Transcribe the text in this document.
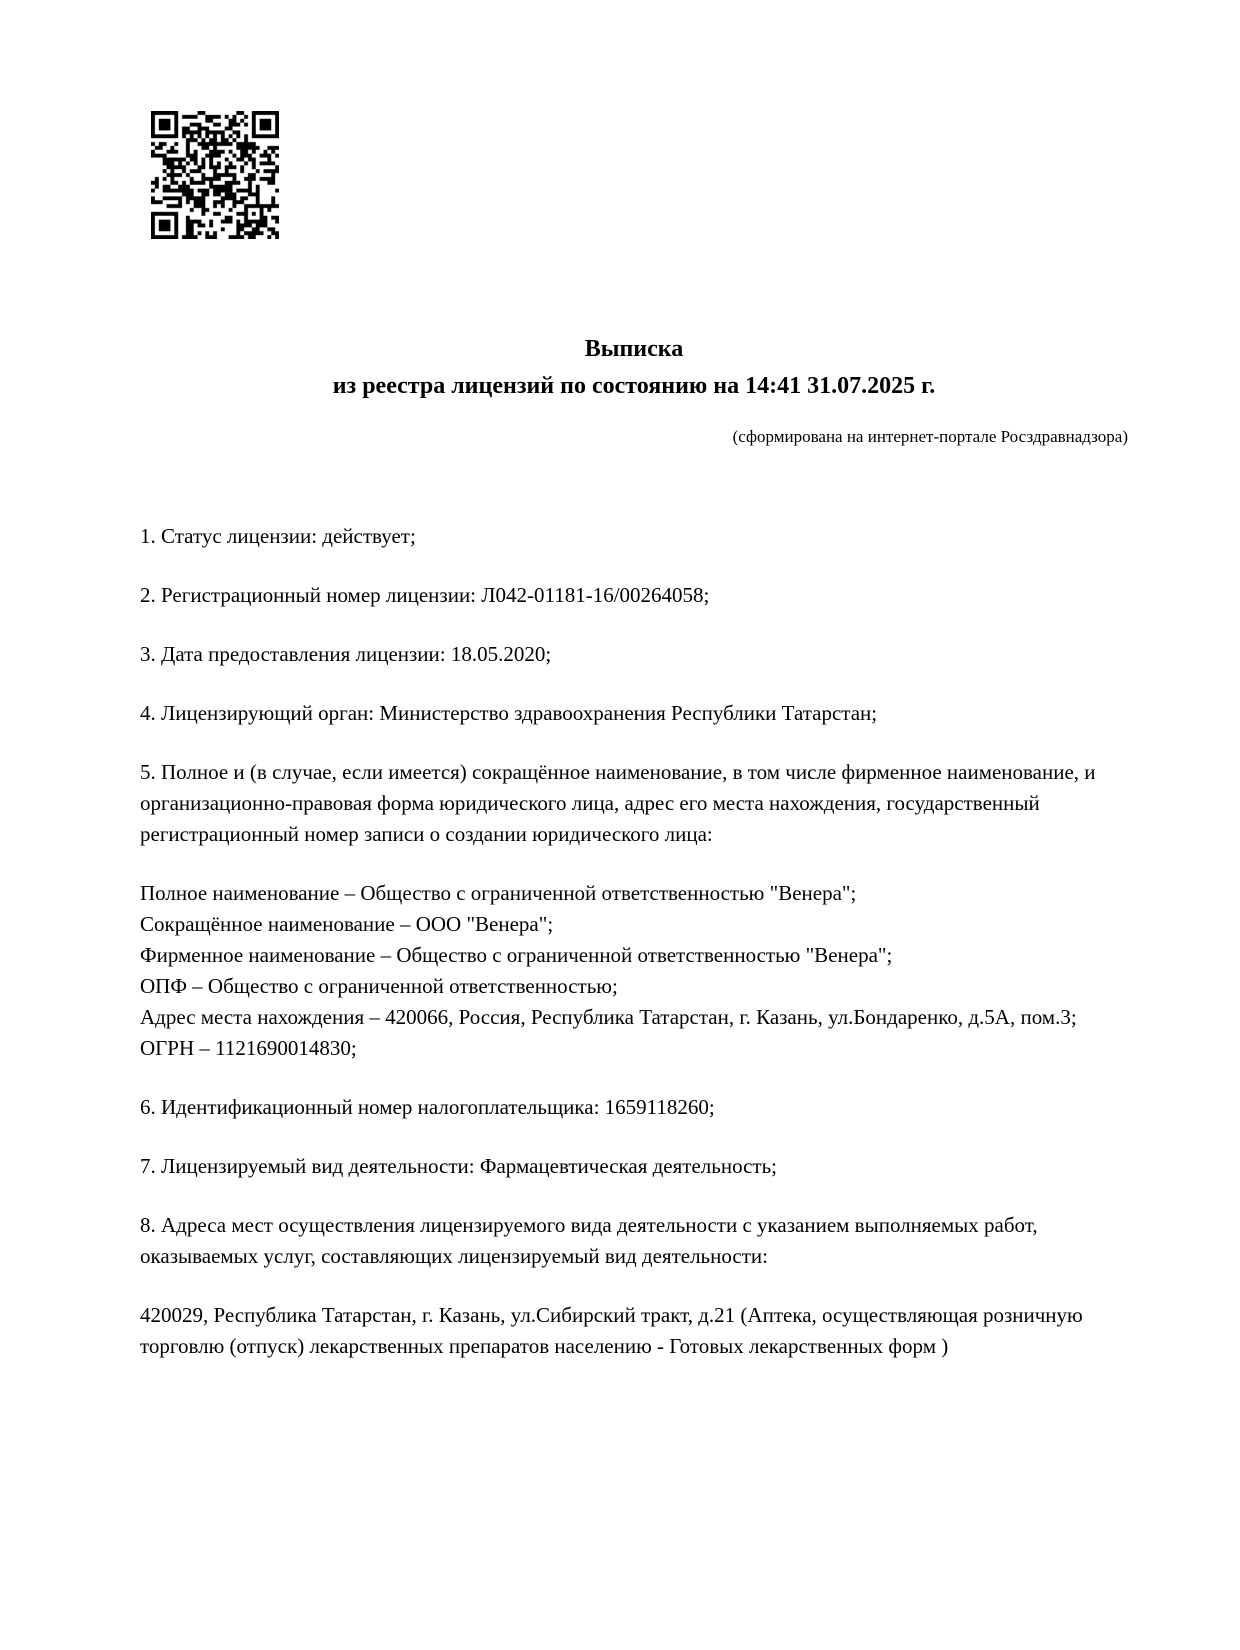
Выписка
из реестра лицензий по состоянию на 14:41 31.07.2025 г.
(сформирована на интернет-портале Росздравнадзора)

1. Статус лицензии: действует;

2. Регистрационный номер лицензии: Л042-01181-16/00264058;

3. Дата предоставления лицензии: 18.05.2020;

4. Лицензирующий орган: Министерство здравоохранения Республики Татарстан;

5. Полное и (в случае, если имеется) сокращённое наименование, в том числе фирменное наименование, и организационно-правовая форма юридического лица, адрес его места нахождения, государственный регистрационный номер записи о создании юридического лица:

Полное наименование – Общество с ограниченной ответственностью "Венера";
Сокращённое наименование – ООО "Венера";
Фирменное наименование – Общество с ограниченной ответственностью "Венера";
ОПФ – Общество с ограниченной ответственностью;
Адрес места нахождения – 420066, Россия, Республика Татарстан, г. Казань, ул.Бондаренко, д.5А, пом.3;
ОГРН – 1121690014830;

6. Идентификационный номер налогоплательщика: 1659118260;

7. Лицензируемый вид деятельности: Фармацевтическая деятельность;

8. Адреса мест осуществления лицензируемого вида деятельности с указанием выполняемых работ, оказываемых услуг, составляющих лицензируемый вид деятельности:

420029, Республика Татарстан, г. Казань, ул.Сибирский тракт, д.21 (Аптека, осуществляющая розничную торговлю (отпуск) лекарственных препаратов населению - Готовых лекарственных форм )
